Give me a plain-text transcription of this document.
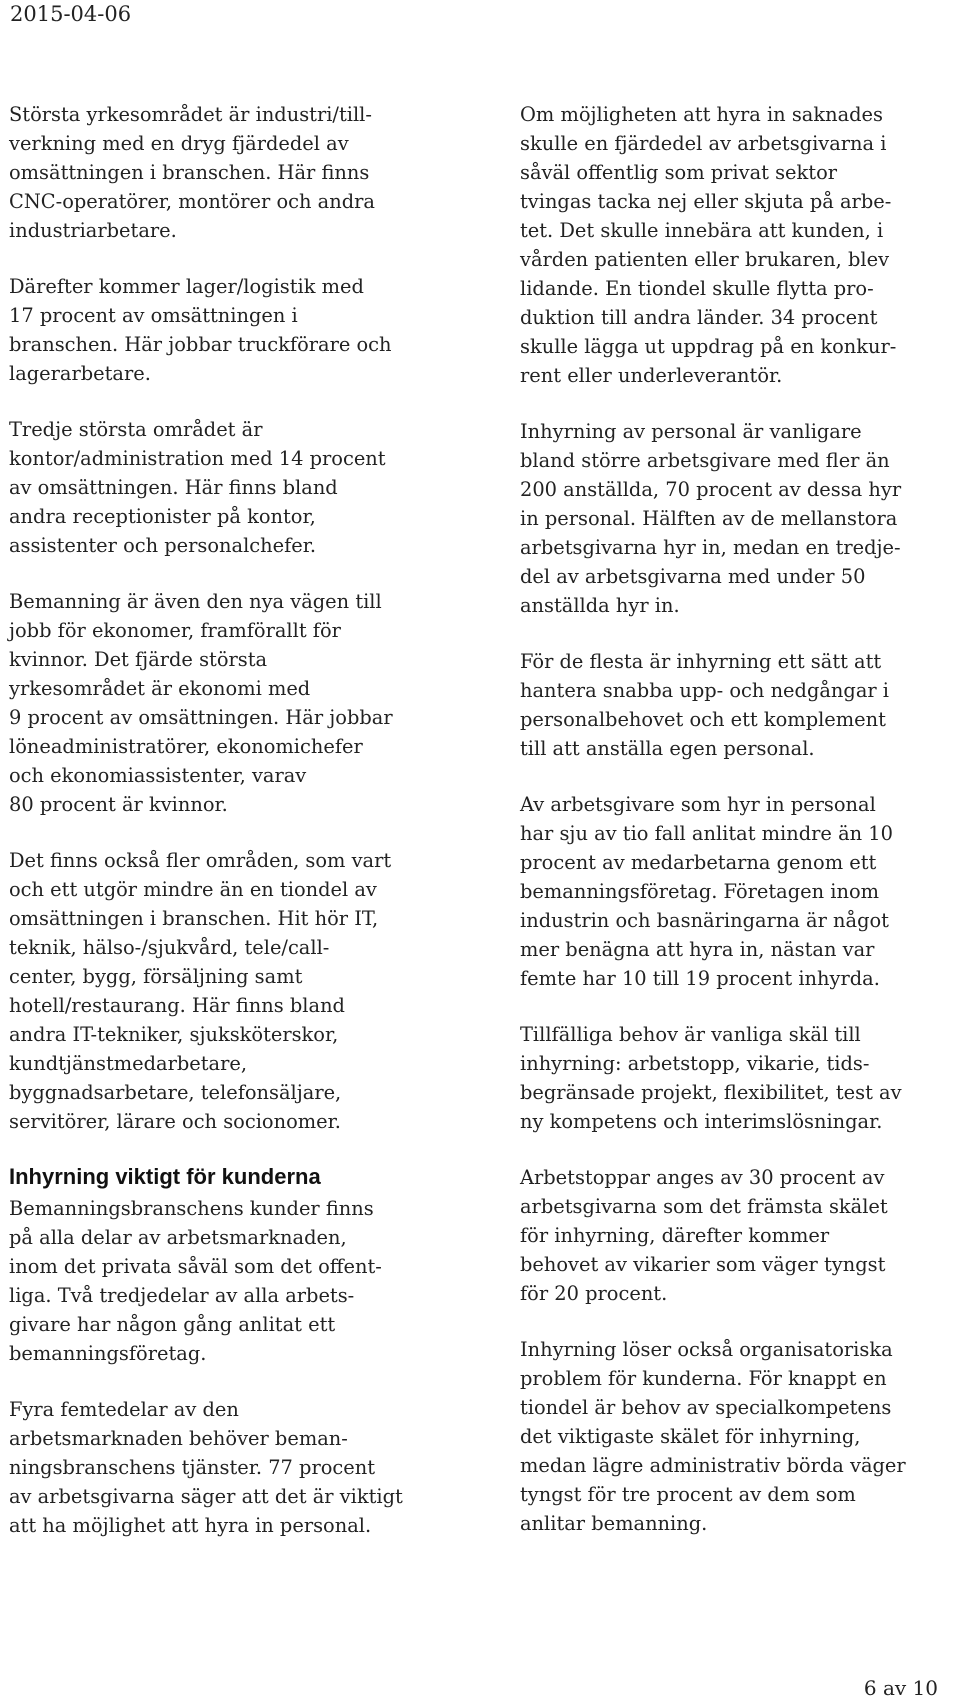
2015-04-06

Största yrkesområdet är industri/till-
verkning med en dryg fjärdedel av
omsättningen i branschen. Här finns
CNC-operatörer, montörer och andra
industriarbetare.

Därefter kommer lager/logistik med
17 procent av omsättningen i
branschen. Här jobbar truckförare och
lagerarbetare.

Tredje största området är
kontor/administration med 14 procent
av omsättningen. Här finns bland
andra receptionister på kontor,
assistenter och personalchefer.

Bemanning är även den nya vägen till
jobb för ekonomer, framförallt för
kvinnor. Det fjärde största
yrkesområdet är ekonomi med
9 procent av omsättningen. Här jobbar
löneadministratörer, ekonomichefer
och ekonomiassistenter, varav
80 procent är kvinnor.

Det finns också fler områden, som vart
och ett utgör mindre än en tiondel av
omsättningen i branschen. Hit hör IT,
teknik, hälso-/sjukvård, tele/call-
center, bygg, försäljning samt
hotell/restaurang. Här finns bland
andra IT-tekniker, sjuksköterskor,
kundtjänstmedarbetare,
byggnadsarbetare, telefonsäljare,
servitörer, lärare och socionomer.

Inhyrning viktigt för kunderna

Bemanningsbranschens kunder finns
på alla delar av arbetsmarknaden,
inom det privata såväl som det offent-
liga. Två tredjedelar av alla arbets-
givare har någon gång anlitat ett
bemanningsföretag.

Fyra femtedelar av den
arbetsmarknaden behöver beman-
ningsbranschens tjänster. 77 procent
av arbetsgivarna säger att det är viktigt
att ha möjlighet att hyra in personal.

Om möjligheten att hyra in saknades
skulle en fjärdedel av arbetsgivarna i
såväl offentlig som privat sektor
tvingas tacka nej eller skjuta på arbe-
tet. Det skulle innebära att kunden, i
vården patienten eller brukaren, blev
lidande. En tiondel skulle flytta pro-
duktion till andra länder. 34 procent
skulle lägga ut uppdrag på en konkur-
rent eller underleverantör.

Inhyrning av personal är vanligare
bland större arbetsgivare med fler än
200 anställda, 70 procent av dessa hyr
in personal. Hälften av de mellanstora
arbetsgivarna hyr in, medan en tredje-
del av arbetsgivarna med under 50
anställda hyr in.

För de flesta är inhyrning ett sätt att
hantera snabba upp- och nedgångar i
personalbehovet och ett komplement
till att anställa egen personal.

Av arbetsgivare som hyr in personal
har sju av tio fall anlitat mindre än 10
procent av medarbetarna genom ett
bemanningsföretag. Företagen inom
industrin och basnäringarna är något
mer benägna att hyra in, nästan var
femte har 10 till 19 procent inhyrda.

Tillfälliga behov är vanliga skäl till
inhyrning: arbetstopp, vikarie, tids-
begränsade projekt, flexibilitet, test av
ny kompetens och interimslösningar.

Arbetstoppar anges av 30 procent av
arbetsgivarna som det främsta skälet
för inhyrning, därefter kommer
behovet av vikarier som väger tyngst
för 20 procent.

Inhyrning löser också organisatoriska
problem för kunderna. För knappt en
tiondel är behov av specialkompetens
det viktigaste skälet för inhyrning,
medan lägre administrativ börda väger
tyngst för tre procent av dem som
anlitar bemanning.

6 av 10
